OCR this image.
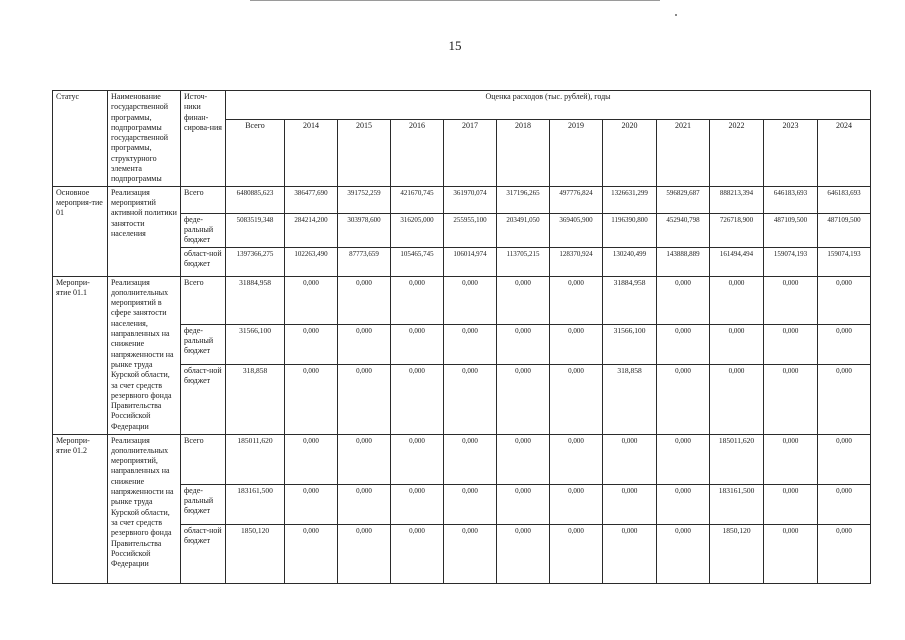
15
Статус	Наименование государственной программы, подпрограммы государственной программы, структурного элемента подпрограммы	Источ-ники финан-сирова-ния	Оценка расходов (тыс. рублей), годы											
			Всего	2014	2015	2016	2017	2018	2019	2020	2021	2022	2023	2024
Основное мероприя-тие 01	Реализация мероприятий активной политики занятости населения	Всего	6480885,623	386477,690	391752,259	421670,745	361970,074	317196,265	497776,824	1326631,299	596829,687	888213,394	646183,693	646183,693
		феде-ральный бюджет	5083519,348	284214,200	303978,600	316205,000	255955,100	203491,050	369405,900	1196390,800	452940,798	726718,900	487109,500	487109,500
		област-ной бюджет	1397366,275	102263,490	87773,659	105465,745	106014,974	113705,215	128370,924	130240,499	143888,889	161494,494	159074,193	159074,193
Меропри-ятие 01.1	Реализация дополнительных мероприятий в сфере занятости населения, направленных на снижение напряженности на рынке труда Курской области, за счет средств резервного фонда Правительства Российской Федерации	Всего	31884,958	0,000	0,000	0,000	0,000	0,000	0,000	31884,958	0,000	0,000	0,000	0,000
		феде-ральный бюджет	31566,100	0,000	0,000	0,000	0,000	0,000	0,000	31566,100	0,000	0,000	0,000	0,000
		област-ной бюджет	318,858	0,000	0,000	0,000	0,000	0,000	0,000	318,858	0,000	0,000	0,000	0,000
Меропри-ятие 01.2	Реализация дополнительных мероприятий, направленных на снижение напряженности на рынке труда Курской области, за счет средств резервного фонда Правительства Российской Федерации	Всего	185011,620	0,000	0,000	0,000	0,000	0,000	0,000	0,000	0,000	185011,620	0,000	0,000
		феде-ральный бюджет	183161,500	0,000	0,000	0,000	0,000	0,000	0,000	0,000	0,000	183161,500	0,000	0,000
		област-ной бюджет	1850,120	0,000	0,000	0,000	0,000	0,000	0,000	0,000	0,000	1850,120	0,000	0,000
